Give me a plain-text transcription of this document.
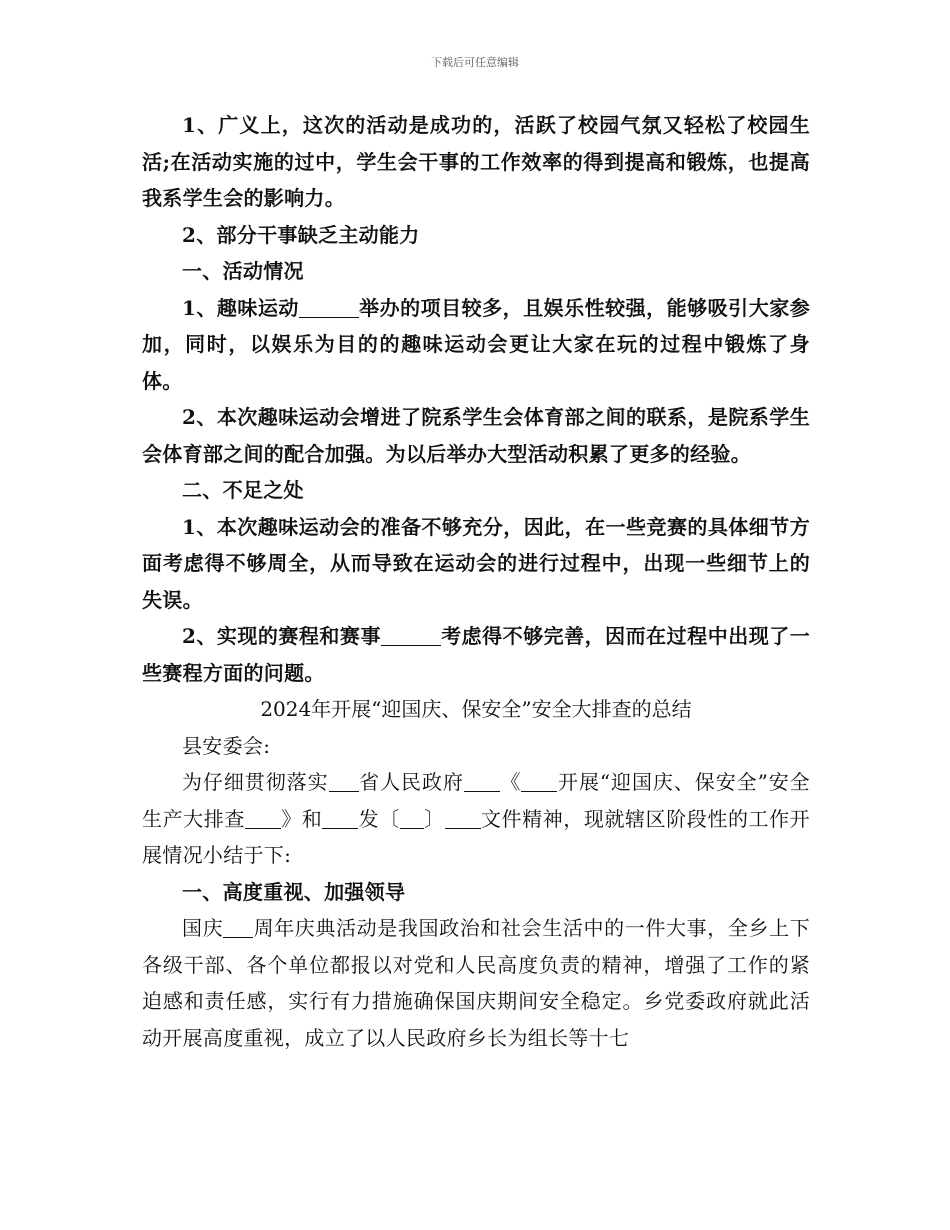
下载后可任意编辑

1、广义上，这次的活动是成功的，活跃了校园气氛又轻松了校园生活;在活动实施的过中，学生会干事的工作效率的得到提高和锻炼，也提高我系学生会的影响力。

2、部分干事缺乏主动能力

一、活动情况

1、趣味运动	举办的项目较多，且娱乐性较强，能够吸引大家参加，同时，以娱乐为目的的趣味运动会更让大家在玩的过程中锻炼了身体。

2、本次趣味运动会增进了院系学生会体育部之间的联系，是院系学生会体育部之间的配合加强。为以后举办大型活动积累了更多的经验。

二、不足之处

1、本次趣味运动会的准备不够充分，因此，在一些竞赛的具体细节方面考虑得不够周全，从而导致在运动会的进行过程中，出现一些细节上的失误。

2、实现的赛程和赛事	考虑得不够完善，因而在过程中出现了一些赛程方面的问题。

2024年开展“迎国庆、保安全”安全大排查的总结

县安委会:

为仔细贯彻落实 省人民政府 《 开展“迎国庆、保安全”安全生产大排查 》和 发〔 〕 文件精神，现就辖区阶段性的工作开展情况小结于下:

一、高度重视、加强领导

国庆 周年庆典活动是我国政治和社会生活中的一件大事，全乡上下各级干部、各个单位都报以对党和人民高度负责的精神，增强了工作的紧迫感和责任感，实行有力措施确保国庆期间安全稳定。乡党委政府就此活动开展高度重视，成立了以人民政府乡长为组长等十七
